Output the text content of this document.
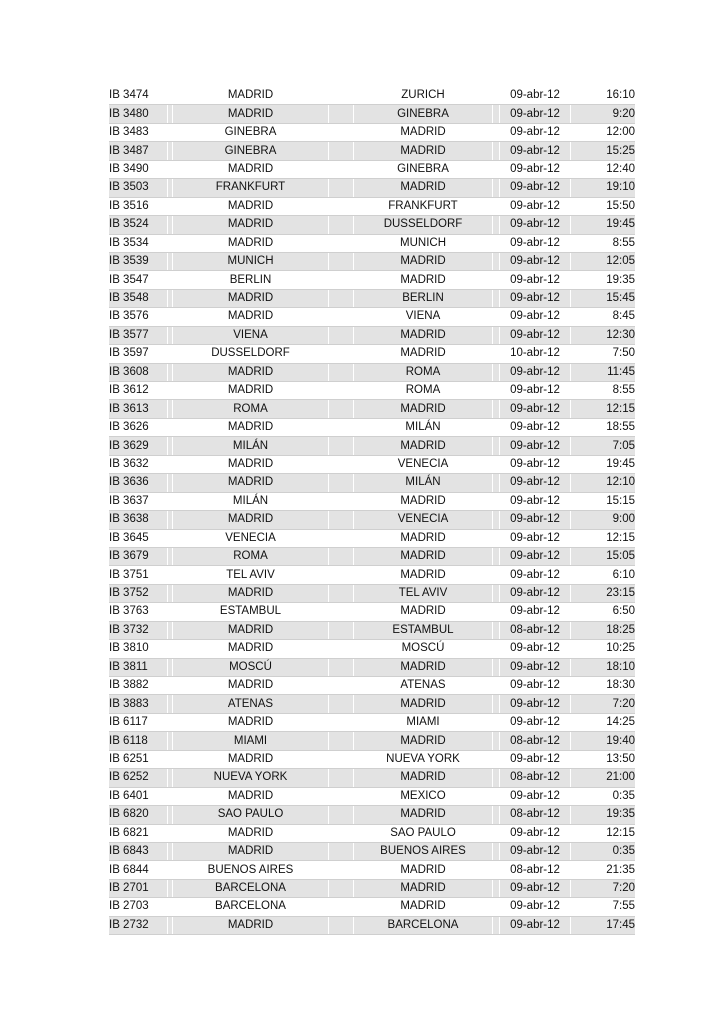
IB 3474		MADRID		ZURICH		09-abr-12	16:10
IB 3480		MADRID		GINEBRA		09-abr-12	9:20
IB 3483		GINEBRA		MADRID		09-abr-12	12:00
IB 3487		GINEBRA		MADRID		09-abr-12	15:25
IB 3490		MADRID		GINEBRA		09-abr-12	12:40
IB 3503		FRANKFURT		MADRID		09-abr-12	19:10
IB 3516		MADRID		FRANKFURT		09-abr-12	15:50
IB 3524		MADRID		DUSSELDORF		09-abr-12	19:45
IB 3534		MADRID		MUNICH		09-abr-12	8:55
IB 3539		MUNICH		MADRID		09-abr-12	12:05
IB 3547		BERLIN		MADRID		09-abr-12	19:35
IB 3548		MADRID		BERLIN		09-abr-12	15:45
IB 3576		MADRID		VIENA		09-abr-12	8:45
IB 3577		VIENA		MADRID		09-abr-12	12:30
IB 3597		DUSSELDORF		MADRID		10-abr-12	7:50
IB 3608		MADRID		ROMA		09-abr-12	11:45
IB 3612		MADRID		ROMA		09-abr-12	8:55
IB 3613		ROMA		MADRID		09-abr-12	12:15
IB 3626		MADRID		MILÁN		09-abr-12	18:55
IB 3629		MILÁN		MADRID		09-abr-12	7:05
IB 3632		MADRID		VENECIA		09-abr-12	19:45
IB 3636		MADRID		MILÁN		09-abr-12	12:10
IB 3637		MILÁN		MADRID		09-abr-12	15:15
IB 3638		MADRID		VENECIA		09-abr-12	9:00
IB 3645		VENECIA		MADRID		09-abr-12	12:15
IB 3679		ROMA		MADRID		09-abr-12	15:05
IB 3751		TEL AVIV		MADRID		09-abr-12	6:10
IB 3752		MADRID		TEL AVIV		09-abr-12	23:15
IB 3763		ESTAMBUL		MADRID		09-abr-12	6:50
IB 3732		MADRID		ESTAMBUL		08-abr-12	18:25
IB 3810		MADRID		MOSCÚ		09-abr-12	10:25
IB 3811		MOSCÚ		MADRID		09-abr-12	18:10
IB 3882		MADRID		ATENAS		09-abr-12	18:30
IB 3883		ATENAS		MADRID		09-abr-12	7:20
IB 6117		MADRID		MIAMI		09-abr-12	14:25
IB 6118		MIAMI		MADRID		08-abr-12	19:40
IB 6251		MADRID		NUEVA YORK		09-abr-12	13:50
IB 6252		NUEVA YORK		MADRID		08-abr-12	21:00
IB 6401		MADRID		MEXICO		09-abr-12	0:35
IB 6820		SAO PAULO		MADRID		08-abr-12	19:35
IB 6821		MADRID		SAO PAULO		09-abr-12	12:15
IB 6843		MADRID		BUENOS AIRES		09-abr-12	0:35
IB 6844		BUENOS AIRES		MADRID		08-abr-12	21:35
IB 2701		BARCELONA		MADRID		09-abr-12	7:20
IB 2703		BARCELONA		MADRID		09-abr-12	7:55
IB 2732		MADRID		BARCELONA		09-abr-12	17:45
